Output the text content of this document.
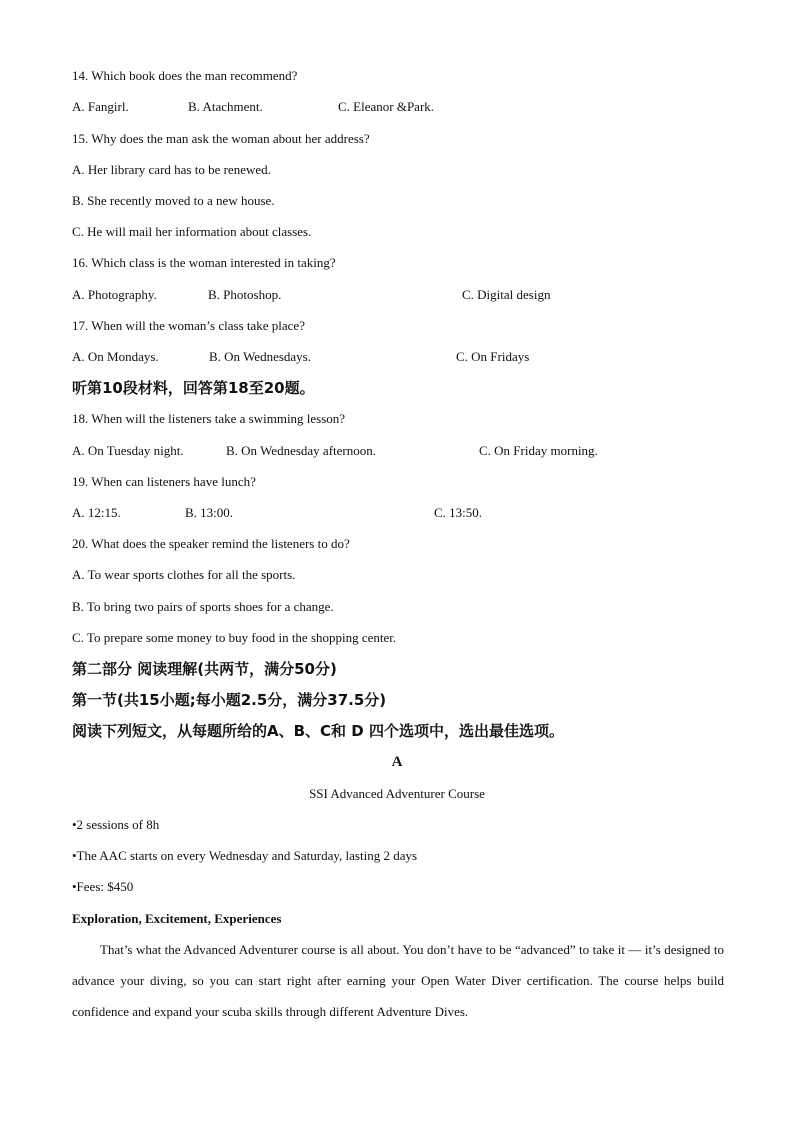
14. Which book does the man recommend?
A. Fangirl.	B. Atachment.	C. Eleanor &Park.
15. Why does the man ask the woman about her address?
A. Her library card has to be renewed.
B. She recently moved to a new house.
C. He will mail her information about classes.
16. Which class is the woman interested in taking?
A. Photography.	B. Photoshop.	C. Digital design
17. When will the woman’s class take place?
A. On Mondays.	B. On Wednesdays.	C. On Fridays
听第10段材料，回答第18至20题。
18. When will the listeners take a swimming lesson?
A. On Tuesday night.	B. On Wednesday afternoon.	C. On Friday morning.
19. When can listeners have lunch?
A. 12:15.	B. 13:00.	C. 13:50.
20. What does the speaker remind the listeners to do?
A. To wear sports clothes for all the sports.
B. To bring two pairs of sports shoes for a change.
C. To prepare some money to buy food in the shopping center.
第二部分 阅读理解(共两节，满分50分)
第一节(共15小题;每小题2.5分，满分37.5分)
阅读下列短文，从每题所给的A、B、C和 D 四个选项中，选出最佳选项。
A
SSI Advanced Adventurer Course
•2 sessions of 8h
•The AAC starts on every Wednesday and Saturday, lasting 2 days
•Fees: $450
Exploration, Excitement, Experiences
That’s what the Advanced Adventurer course is all about. You don’t have to be “advanced” to take it — it’s designed to advance your diving, so you can start right after earning your Open Water Diver certification. The course helps build confidence and expand your scuba skills through different Adventure Dives.
